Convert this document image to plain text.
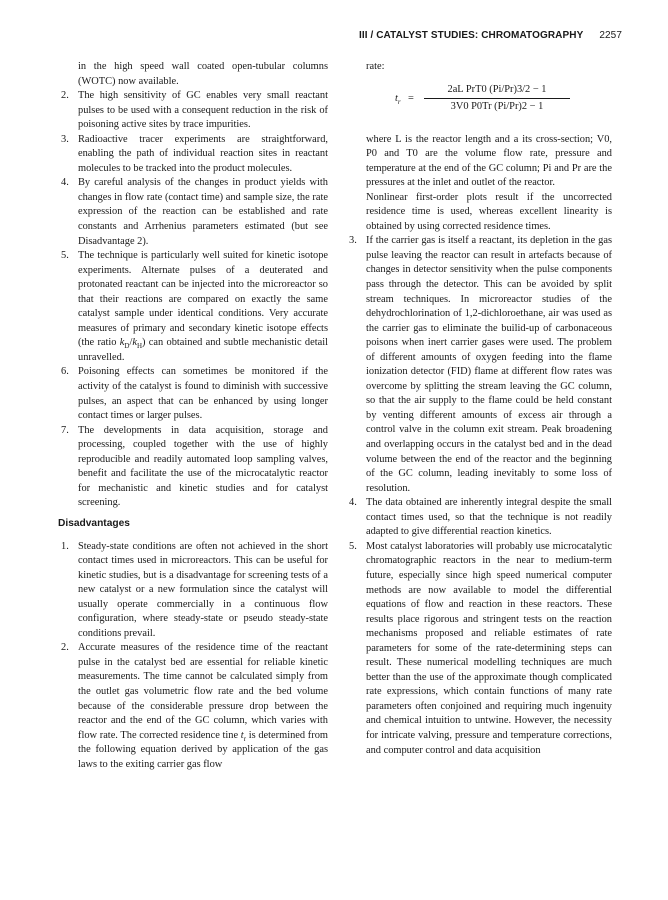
III / CATALYST STUDIES: CHROMATOGRAPHY 2257

in the high speed wall coated open-tubular columns (WOTC) now available.

2. The high sensitivity of GC enables very small reactant pulses to be used with a consequent reduction in the risk of poisoning active sites by trace impurities.
3. Radioactive tracer experiments are straightforward, enabling the path of individual reaction sites in reactant molecules to be tracked into the product molecules.
4. By careful analysis of the changes in product yields with changes in flow rate (contact time) and sample size, the rate expression of the reaction can be established and rate constants and Arrhenius parameters estimated (but see Disadvantage 2).
5. The technique is particularly well suited for kinetic isotope experiments. Alternate pulses of a deuterated and protonated reactant can be injected into the microreactor so that their reactions are compared on exactly the same catalyst sample under identical conditions. Very accurate measures of primary and secondary kinetic isotope effects (the ratio $k_D/k_H$) can obtained and subtle mechanistic detail unravelled.
6. Poisoning effects can sometimes be monitored if the activity of the catalyst is found to diminish with successive pulses, an aspect that can be enhanced by using longer contact times or larger pulses.
7. The developments in data acquisition, storage and processing, coupled together with the use of highly reproducible and readily automated loop sampling valves, benefit and facilitate the use of the microcatalytic reactor for mechanistic and kinetic studies and for catalyst screening.
Disadvantages
1. Steady-state conditions are often not achieved in the short contact times used in microreactors. This can be useful for kinetic studies, but is a disadvantage for screening tests of a new catalyst or a new formulation since the catalyst will usually operate commercially in a continuous flow configuration, where steady-state or pseudo steady-state conditions prevail.
2. Accurate measures of the residence time of the reactant pulse in the catalyst bed are essential for reliable kinetic measurements. The time cannot be calculated simply from the outlet gas volumetric flow rate and the bed volume because of the considerable pressure drop between the reactor and the end of the GC column, which varies with flow rate. The corrected residence tine $t_r$ is determined from the following equation derived by application of the gas laws to the exiting carrier gas flow

rate:

$t_r$ =
2aL PrT0 (Pi/Pr)3/2 − 1
3V0 P0Tr (Pi/Pr)2 − 1

where L is the reactor length and a its cross-section; V0, P0 and T0 are the volume flow rate, pressure and temperature at the end of the GC column; Pi and Pr are the pressures at the inlet and outlet of the reactor.

Nonlinear first-order plots result if the uncorrected residence time is used, whereas excellent linearity is obtained by using corrected residence times.

3. If the carrier gas is itself a reactant, its depletion in the gas pulse leaving the reactor can result in artefacts because of changes in detector sensitivity when the pulse components pass through the detector. This can be avoided by split stream techniques. In microreactor studies of the dehydrochlorination of 1,2-dichloroethane, air was used as the carrier gas to eliminate the builid-up of carbonaceous poisons when inert carrier gases were used. The problem of different amounts of oxygen feeding into the flame ionization detector (FID) flame at different flow rates was overcome by splitting the stream leaving the GC column, so that the air supply to the flame could be held constant by venting different amounts of excess air through a control valve in the column exit stream. Peak broadening and overlapping occurs in the catalyst bed and in the dead volume between the end of the reactor and the beginning of the GC column, leading inevitably to some loss of resolution.
4. The data obtained are inherently integral despite the small contact times used, so that the technique is not readily adapted to give differential reaction kinetics.
5. Most catalyst laboratories will probably use microcatalytic chromatographic reactors in the near to medium-term future, especially since high speed numerical computer methods are now available to model the differential equations of flow and reaction in these reactors. These results place rigorous and stringent tests on the reaction mechanisms proposed and reliable estimates of rate parameters for some of the rate-determining steps can result. These numerical modelling techniques are much better than the use of the approximate though complicated rate expressions, which contain functions of many rate parameters often conjoined and requiring much ingenuity and chemical intuition to untwine. However, the necessity for intricate valving, pressure and temperature corrections, and computer control and data acquisition
